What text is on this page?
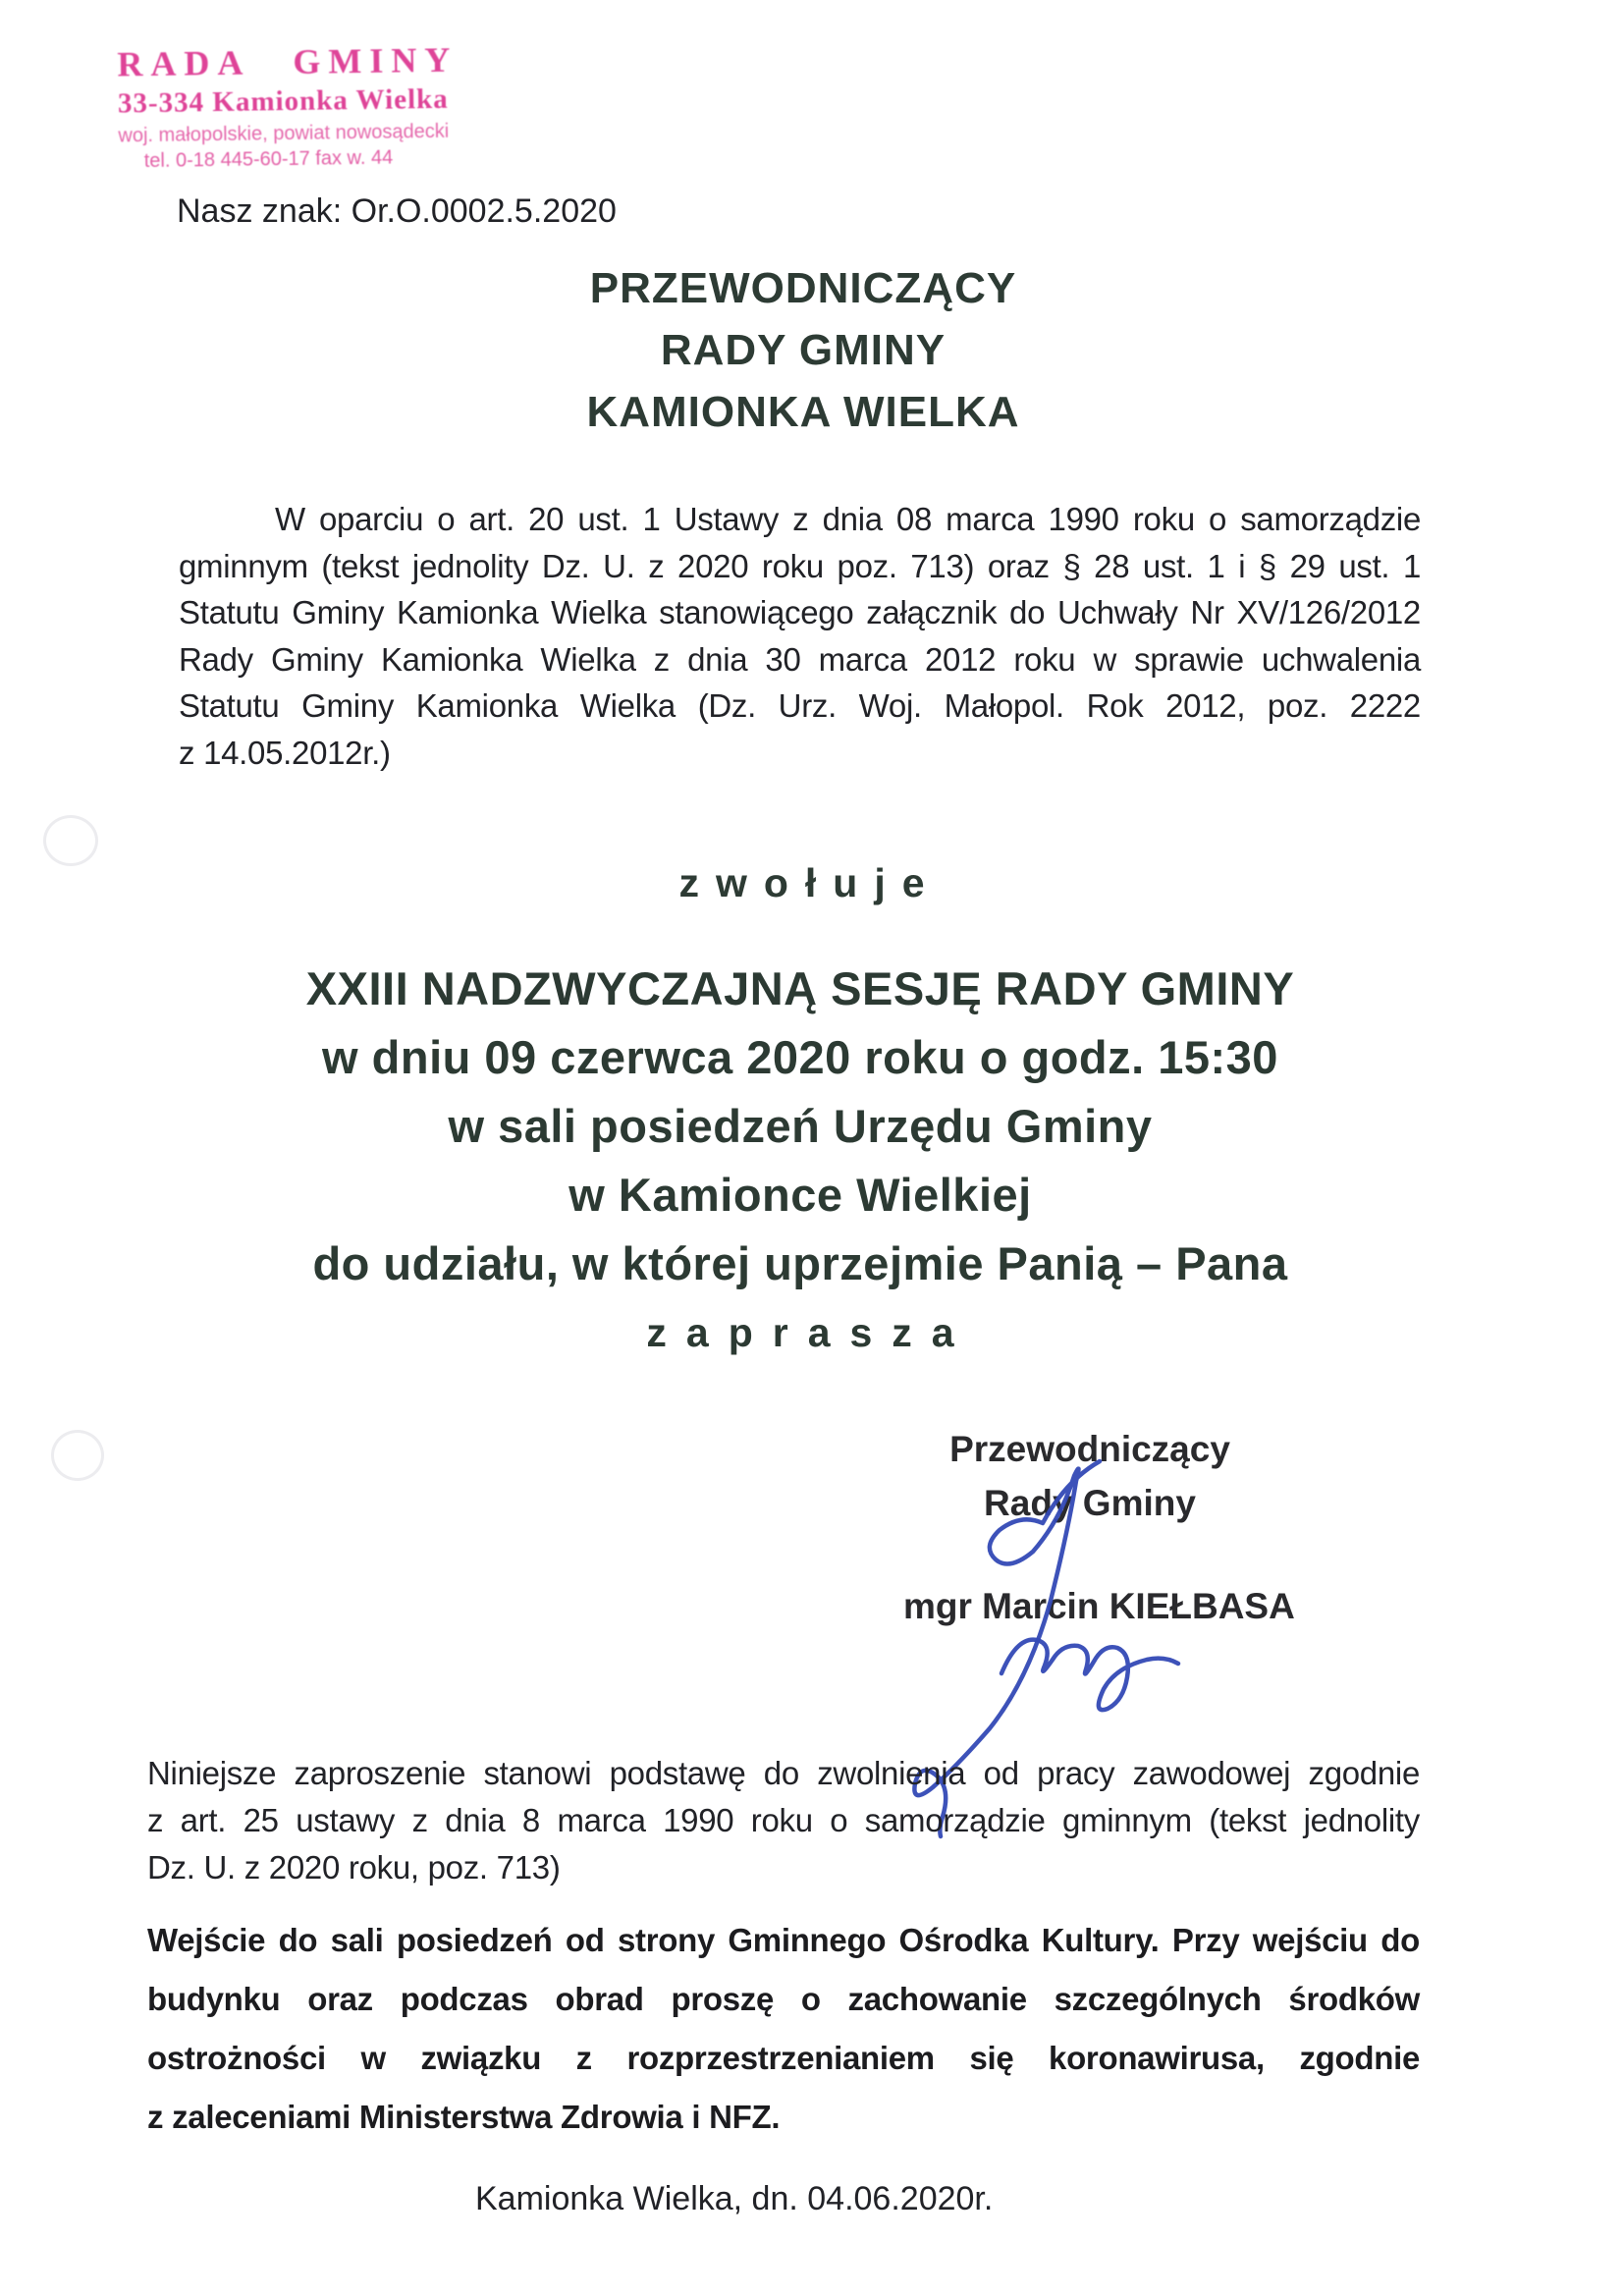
RADA GMINY
33-334 Kamionka Wielka
woj. małopolskie, powiat nowosądecki
tel. 0-18 445-60-17 fax w. 44
Nasz znak: Or.O.0002.5.2020
PRZEWODNICZĄCY
RADY GMINY
KAMIONKA WIELKA
W oparciu o art. 20 ust. 1 Ustawy z dnia 08 marca 1990 roku o samorządzie
gminnym (tekst jednolity Dz. U. z 2020 roku poz. 713) oraz § 28 ust. 1 i § 29 ust. 1
Statutu Gminy Kamionka Wielka stanowiącego załącznik do Uchwały Nr XV/126/2012
Rady Gminy Kamionka Wielka z dnia 30 marca 2012 roku w sprawie uchwalenia
Statutu Gminy Kamionka Wielka (Dz. Urz. Woj. Małopol. Rok 2012, poz. 2222
z 14.05.2012r.)
zwołuje
XXIII NADZWYCZAJNĄ SESJĘ RADY GMINY
w dniu 09 czerwca 2020 roku o godz. 15:30
w sali posiedzeń Urzędu Gminy
w Kamionce Wielkiej
do udziału, w której uprzejmie Panią – Pana
zaprasza
Przewodniczący
Rady Gminy
mgr Marcin KIEŁBASA
Niniejsze zaproszenie stanowi podstawę do zwolnienia od pracy zawodowej zgodnie
z art. 25 ustawy z dnia 8 marca 1990 roku o samorządzie gminnym (tekst jednolity
Dz. U. z 2020 roku, poz. 713)
Wejście do sali posiedzeń od strony Gminnego Ośrodka Kultury. Przy wejściu do
budynku oraz podczas obrad proszę o zachowanie szczególnych środków
ostrożności w związku z rozprzestrzenianiem się koronawirusa, zgodnie
z zaleceniami Ministerstwa Zdrowia i NFZ.
Kamionka Wielka, dn. 04.06.2020r.
